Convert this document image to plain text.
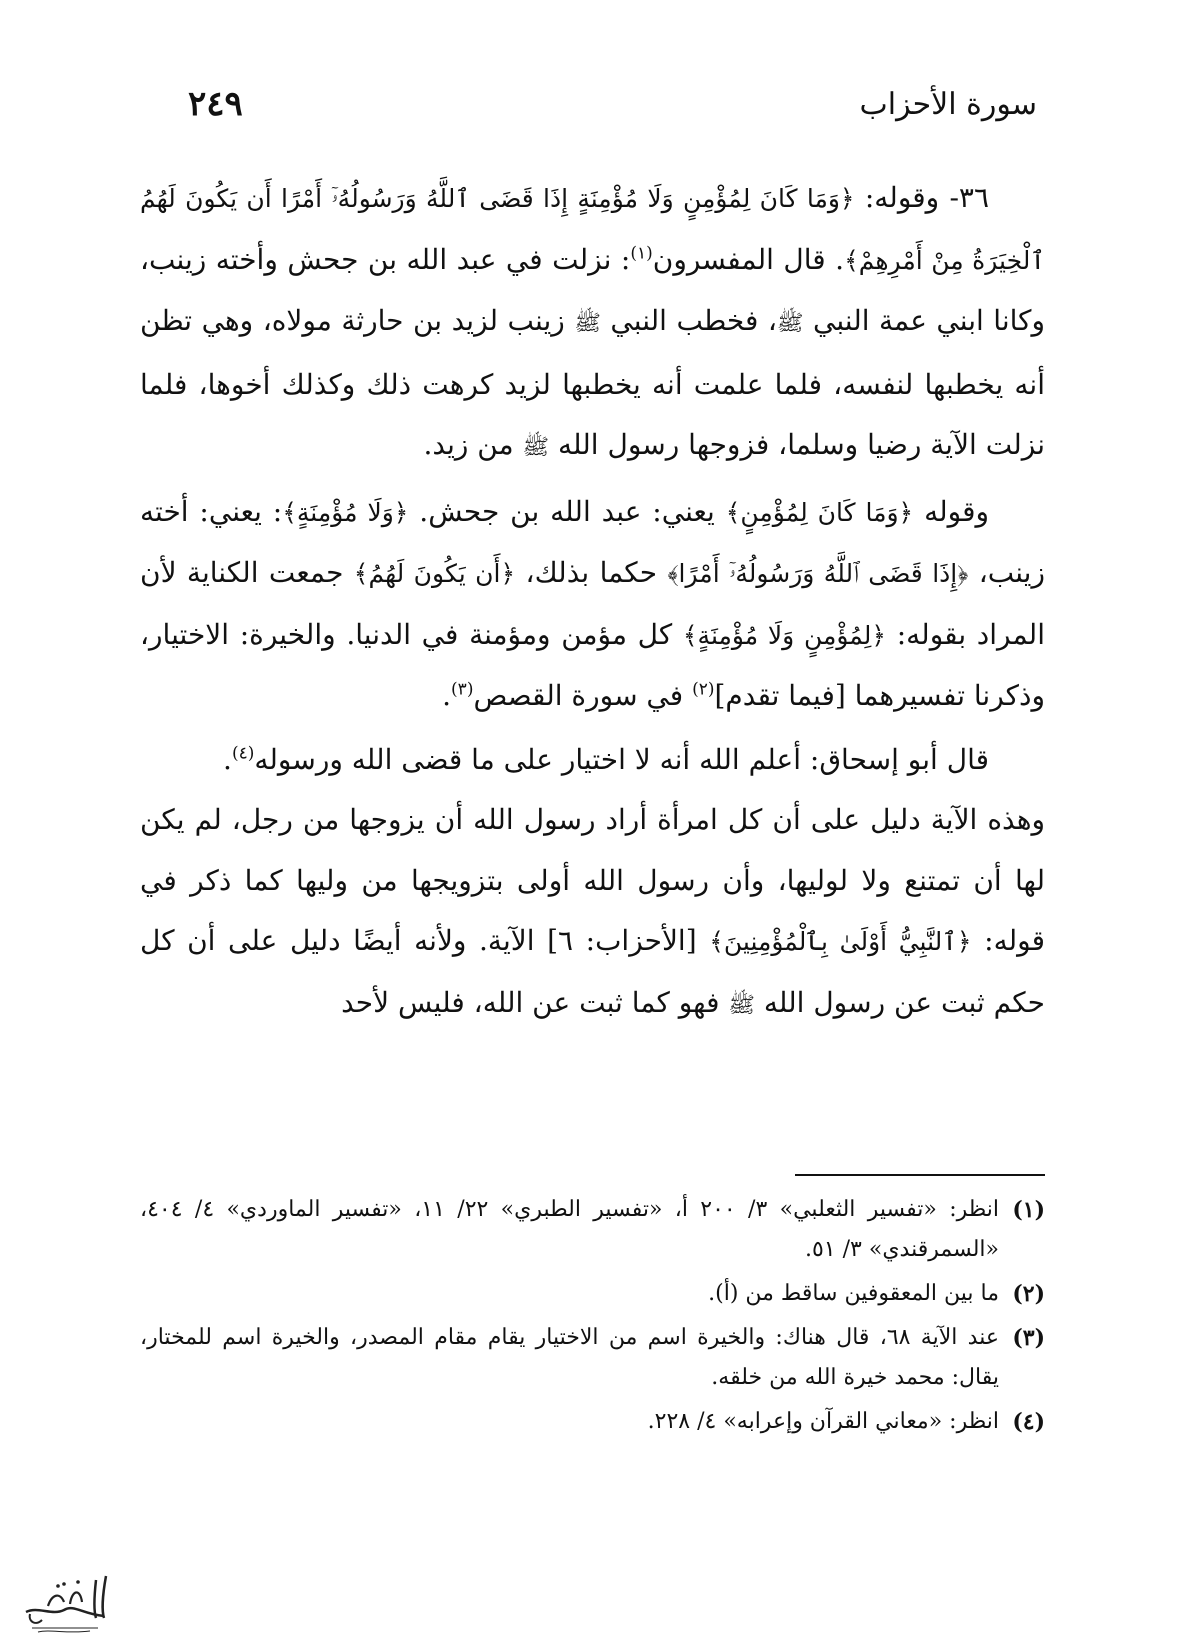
سورة الأحزاب
٢٤٩

٣٦- وقوله: ﴿وَمَا كَانَ لِمُؤْمِنٍ وَلَا مُؤْمِنَةٍ إِذَا قَضَى ٱللَّهُ وَرَسُولُهُۥٓ أَمْرًا أَن يَكُونَ لَهُمُ ٱلْخِيَرَةُ مِنْ أَمْرِهِمْ﴾. قال المفسرون$^{(١)}$: نزلت في عبد الله بن جحش وأخته زينب، وكانا ابني عمة النبي ﷺ، فخطب النبي ﷺ زينب لزيد بن حارثة مولاه، وهي تظن أنه يخطبها لنفسه، فلما علمت أنه يخطبها لزيد كرهت ذلك وكذلك أخوها، فلما نزلت الآية رضيا وسلما، فزوجها رسول الله ﷺ من زيد.

وقوله ﴿وَمَا كَانَ لِمُؤْمِنٍ﴾ يعني: عبد الله بن جحش. ﴿وَلَا مُؤْمِنَةٍ﴾: يعني: أخته زينب، ﴿إِذَا قَضَى ٱللَّهُ وَرَسُولُهُۥٓ أَمْرًا﴾ حكما بذلك، ﴿أَن يَكُونَ لَهُمُ﴾ جمعت الكناية لأن المراد بقوله: ﴿لِمُؤْمِنٍ وَلَا مُؤْمِنَةٍ﴾ كل مؤمن ومؤمنة في الدنيا. والخيرة: الاختيار، وذكرنا تفسيرهما [فيما تقدم]$^{(٢)}$ في سورة القصص$^{(٣)}$.

قال أبو إسحاق: أعلم الله أنه لا اختيار على ما قضى الله ورسوله$^{(٤)}$.

وهذه الآية دليل على أن كل امرأة أراد رسول الله أن يزوجها من رجل، لم يكن لها أن تمتنع ولا لوليها، وأن رسول الله أولى بتزويجها من وليها كما ذكر في قوله: ﴿ٱلنَّبِيُّ أَوْلَىٰ بِٱلْمُؤْمِنِينَ﴾ [الأحزاب: ٦] الآية. ولأنه أيضًا دليل على أن كل حكم ثبت عن رسول الله ﷺ فهو كما ثبت عن الله، فليس لأحد

(١)
انظر: «تفسير الثعلبي» ٣/ ٢٠٠ أ، «تفسير الطبري» ٢٢/ ١١، «تفسير الماوردي» ٤/ ٤٠٤، «السمرقندي» ٣/ ٥١.
(٢)
ما بين المعقوفين ساقط من (أ).
(٣)
عند الآية ٦٨، قال هناك: والخيرة اسم من الاختيار يقام مقام المصدر، والخيرة اسم للمختار، يقال: محمد خيرة الله من خلقه.
(٤)
انظر: «معاني القرآن وإعرابه» ٤/ ٢٢٨.
